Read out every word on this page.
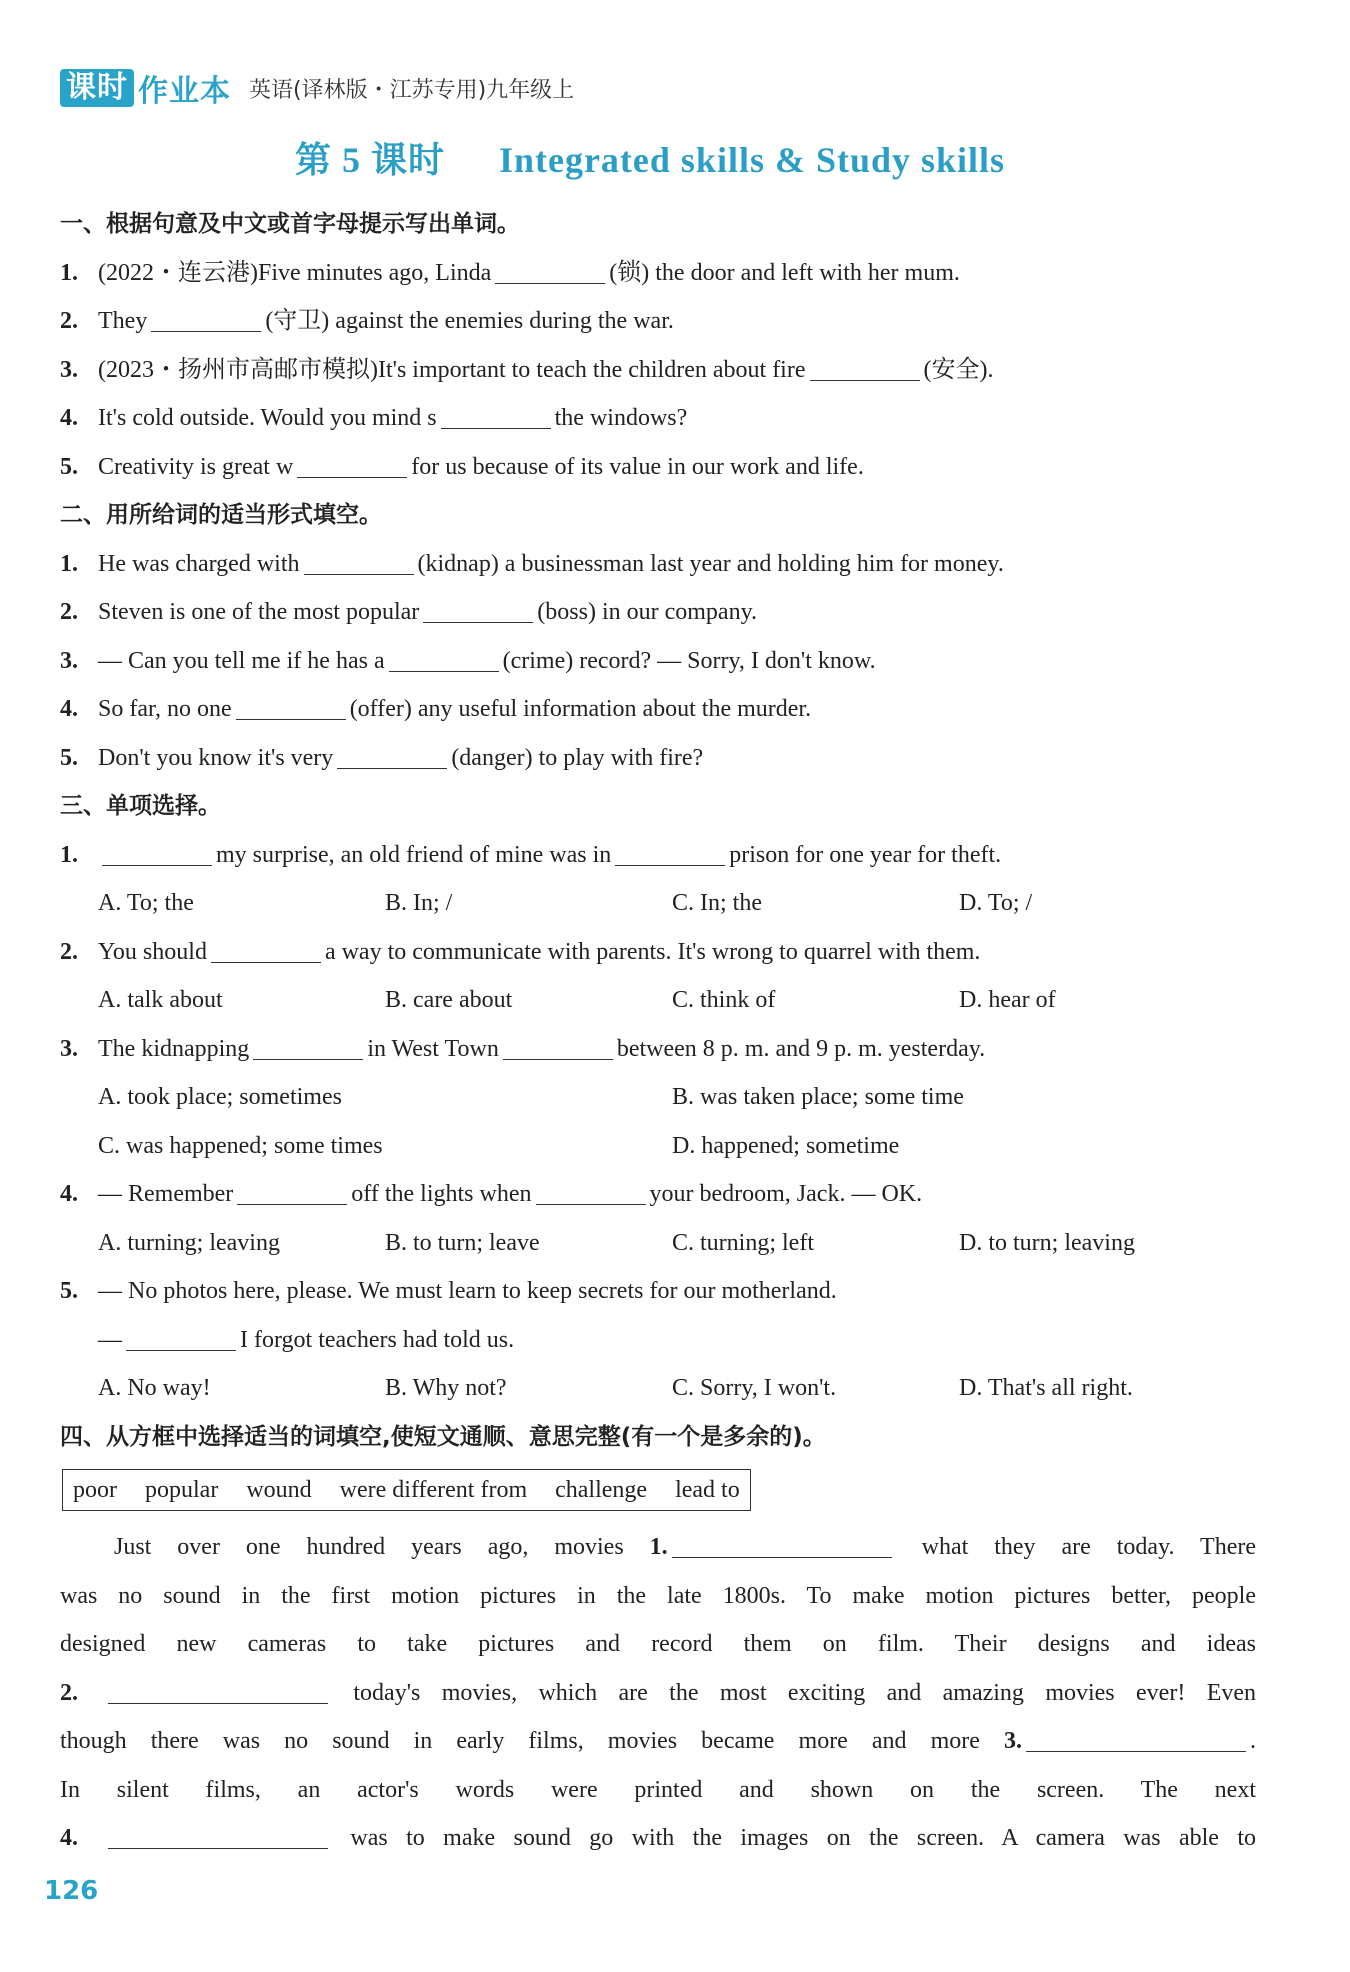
课时 作业本 英语(译林版・江苏专用)九年级上
第 5 课时 Integrated skills & Study skills
一、根据句意及中文或首字母提示写出单词。
1. (2022・连云港)Five minutes ago, Linda	(锁) the door and left with her mum.
2. They	(守卫) against the enemies during the war.
3. (2023・扬州市高邮市模拟)It's important to teach the children about fire	(安全).
4. It's cold outside. Would you mind s	the windows?
5. Creativity is great w	for us because of its value in our work and life.
二、用所给词的适当形式填空。
1. He was charged with	(kidnap) a businessman last year and holding him for money.
2. Steven is one of the most popular	(boss) in our company.
3. — Can you tell me if he has a	(crime) record? — Sorry, I don't know.
4. So far, no one	(offer) any useful information about the murder.
5. Don't you know it's very	(danger) to play with fire?
三、单项选择。
1.	my surprise, an old friend of mine was in	prison for one year for theft.
A. To; the	B. In; /	C. In; the	D. To; /
2. You should	a way to communicate with parents. It's wrong to quarrel with them.
A. talk about	B. care about	C. think of	D. hear of
3. The kidnapping	in West Town	between 8 p. m. and 9 p. m. yesterday.
A. took place; sometimes	B. was taken place; some time
C. was happened; some times	D. happened; sometime
4. — Remember	off the lights when	your bedroom, Jack. — OK.
A. turning; leaving	B. to turn; leave	C. turning; left	D. to turn; leaving
5. — No photos here, please. We must learn to keep secrets for our motherland.
—	I forgot teachers had told us.
A. No way!	B. Why not?	C. Sorry, I won't.	D. That's all right.
四、从方框中选择适当的词填空,使短文通顺、意思完整(有一个是多余的)。
poor popular wound were different from challenge lead to
Just over one hundred years ago, movies 1.	what they are today. There
was no sound in the first motion pictures in the late 1800s. To make motion pictures better, people
designed new cameras to take pictures and record them on film. Their designs and ideas
2.	today's movies, which are the most exciting and amazing movies ever! Even
though there was no sound in early films, movies became more and more 3.	.
In silent films, an actor's words were printed and shown on the screen. The next
4.	was to make sound go with the images on the screen. A camera was able to
126
